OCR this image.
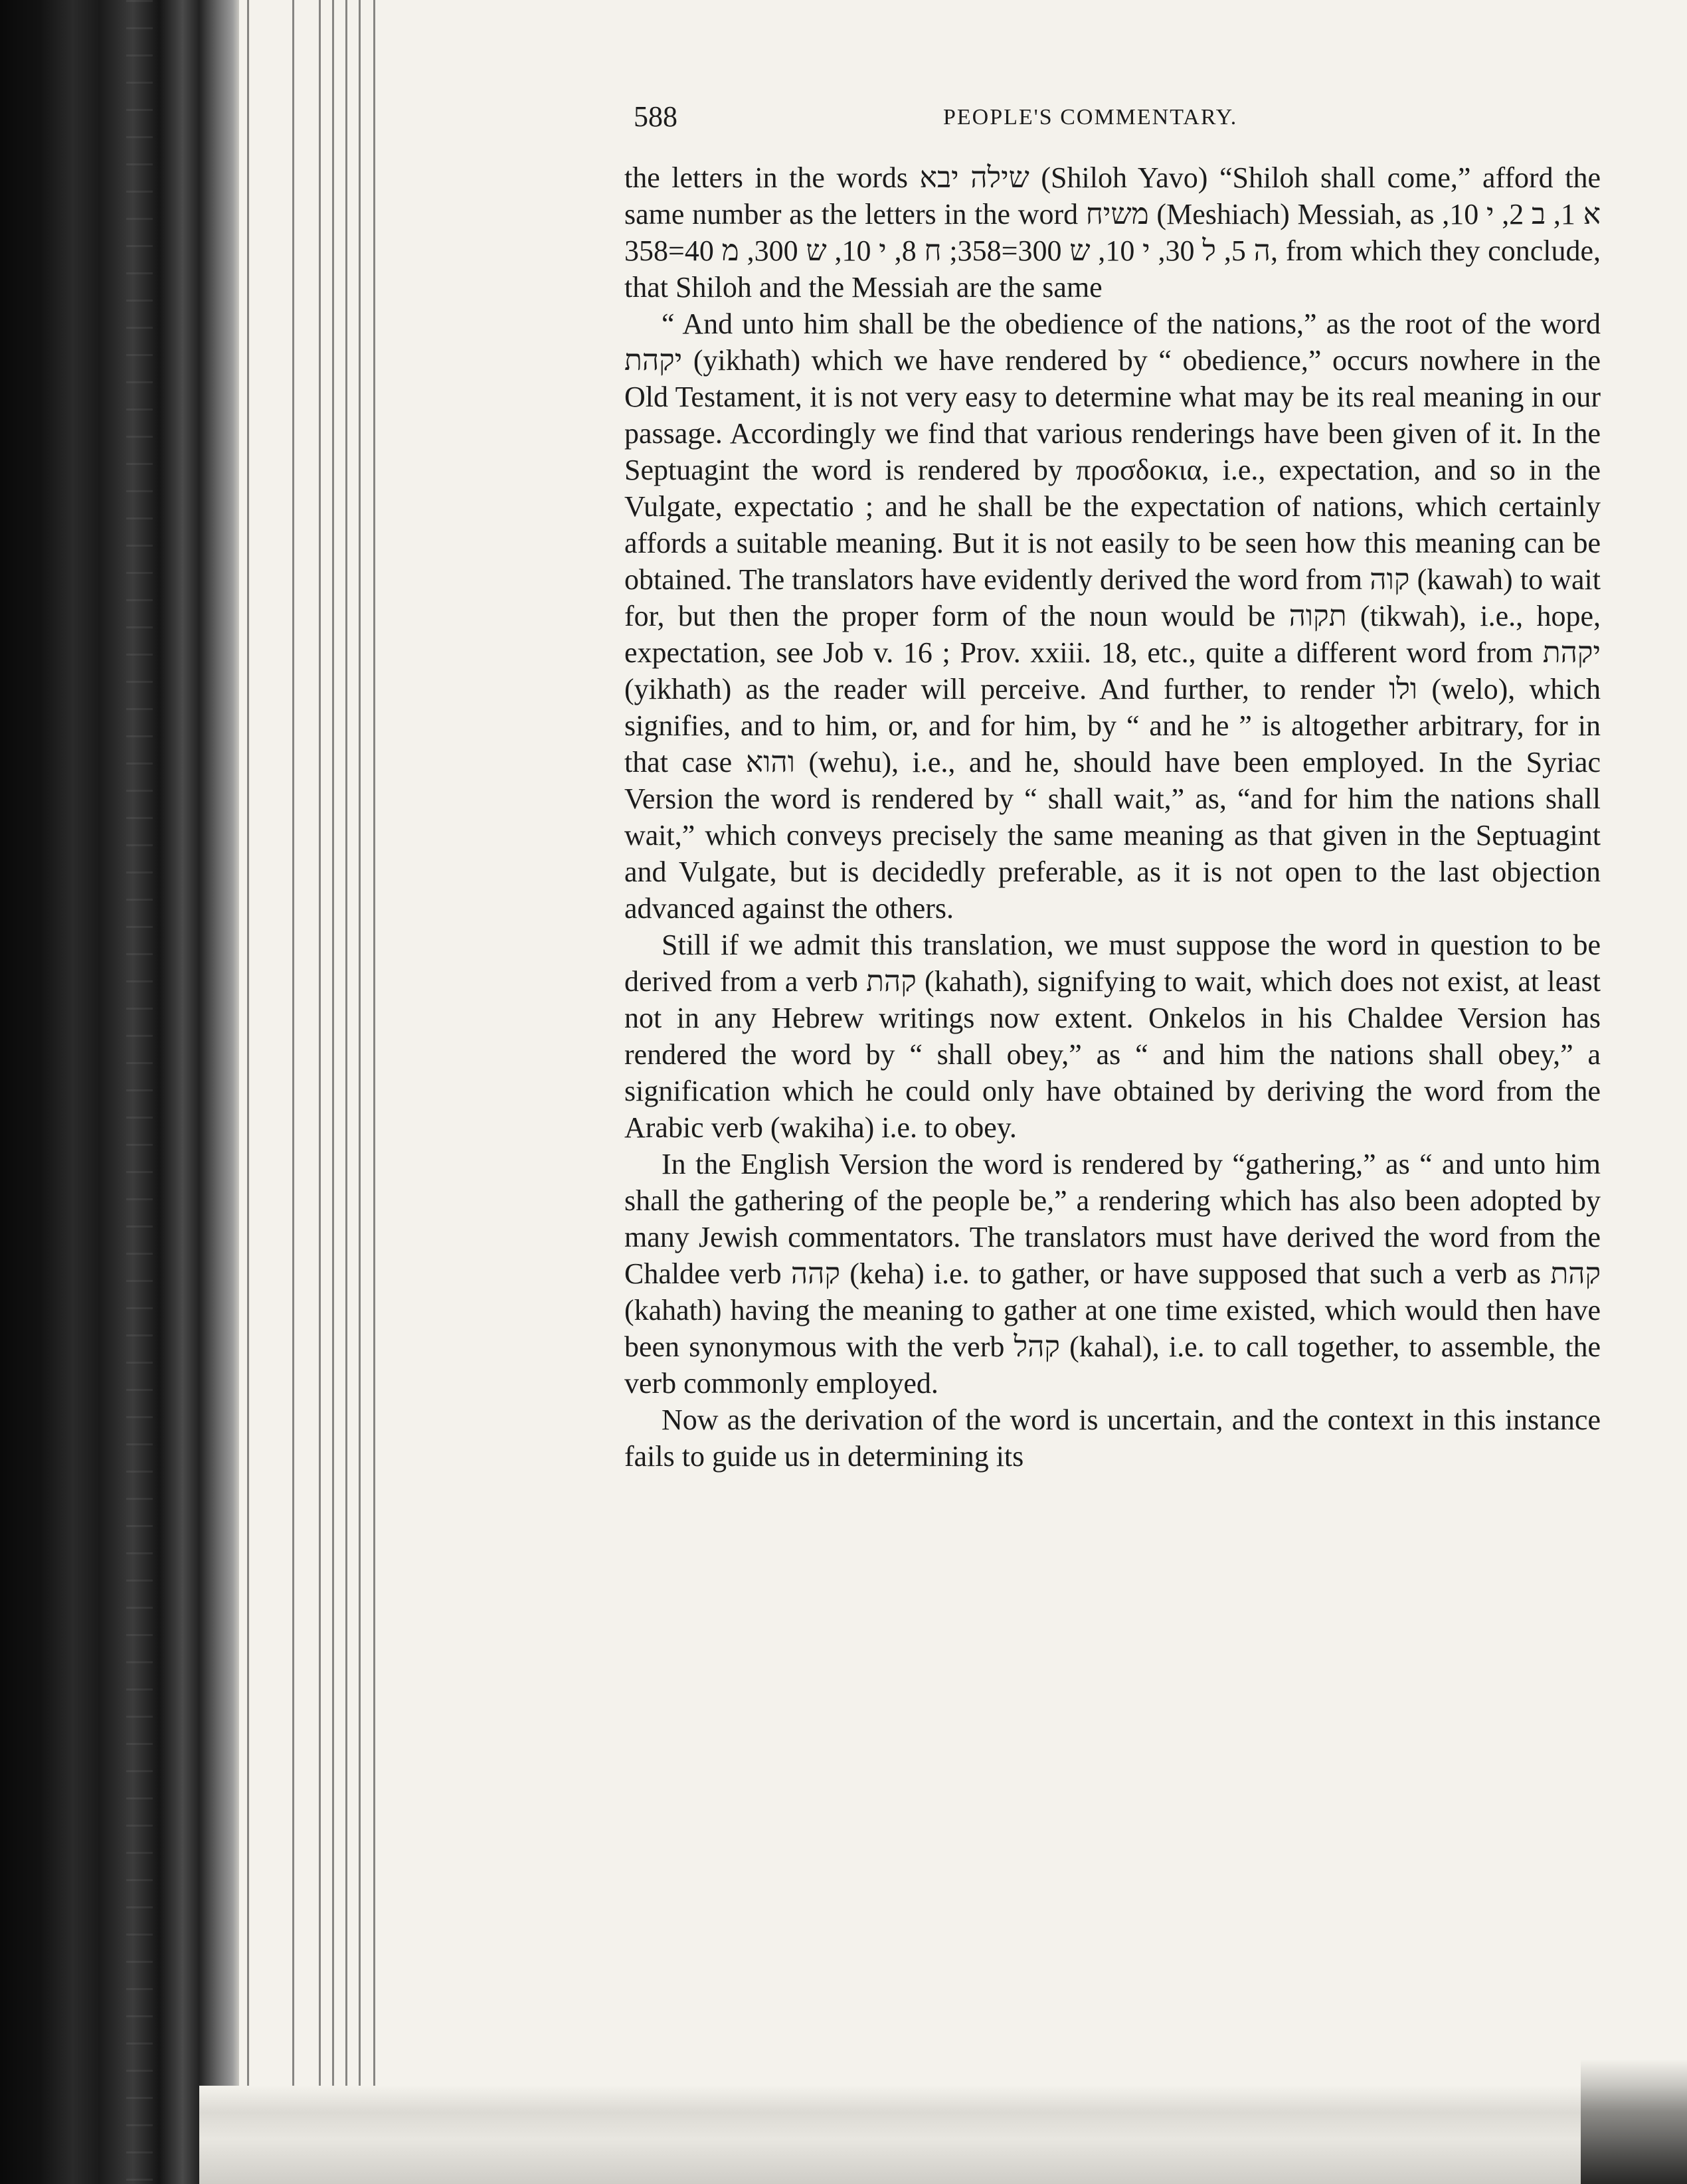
588	PEOPLE'S COMMENTARY.

the letters in the words שילה יבא (Shiloh Yavo) “Shiloh shall come,” afford the same number as the letters in the word משיח (Meshiach) Messiah, as א 1, ב 2, י 10, ה 5, ל 30, י 10, ש 300=358; ח 8, י 10, ש 300, מ 40=358, from which they conclude, that Shiloh and the Messiah are the same

“ And unto him shall be the obedience of the nations,” as the root of the word יקהת (yikhath) which we have rendered by “ obedience,” occurs nowhere in the Old Testament, it is not very easy to determine what may be its real meaning in our passage. Accordingly we find that various renderings have been given of it. In the Septuagint the word is rendered by προσδοκια, i.e., expectation, and so in the Vulgate, expectatio ; and he shall be the expectation of nations, which certainly affords a suitable meaning. But it is not easily to be seen how this meaning can be obtained. The translators have evidently derived the word from קוה (kawah) to wait for, but then the proper form of the noun would be תקוה (tikwah), i.e., hope, expectation, see Job v. 16 ; Prov. xxiii. 18, etc., quite a different word from יקהת (yikhath) as the reader will perceive. And further, to render ולו (welo), which signifies, and to him, or, and for him, by “ and he ” is altogether arbitrary, for in that case והוא (wehu), i.e., and he, should have been employed. In the Syriac Version the word is rendered by “ shall wait,” as, “and for him the nations shall wait,” which conveys precisely the same meaning as that given in the Septuagint and Vulgate, but is decidedly preferable, as it is not open to the last objection advanced against the others.

Still if we admit this translation, we must suppose the word in question to be derived from a verb קהת (kahath), signifying to wait, which does not exist, at least not in any Hebrew writings now extent. Onkelos in his Chaldee Version has rendered the word by “ shall obey,” as “ and him the nations shall obey,” a signification which he could only have obtained by deriving the word from the Arabic verb (wakiha) i.e. to obey.

In the English Version the word is rendered by “gathering,” as “ and unto him shall the gathering of the people be,” a rendering which has also been adopted by many Jewish commentators. The translators must have derived the word from the Chaldee verb קהה (keha) i.e. to gather, or have supposed that such a verb as קהת (kahath) having the meaning to gather at one time existed, which would then have been synonymous with the verb קהל (kahal), i.e. to call together, to assemble, the verb commonly employed.

Now as the derivation of the word is uncertain, and the context in this instance fails to guide us in determining its
